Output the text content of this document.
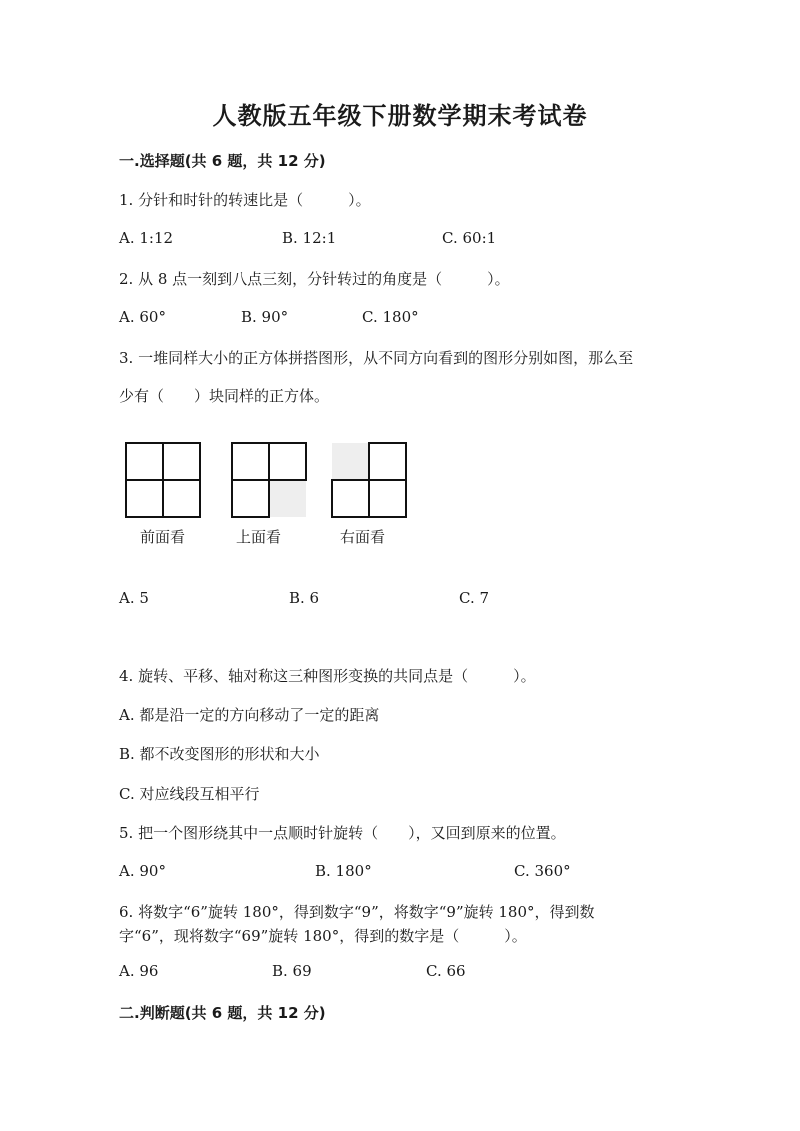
人教版五年级下册数学期末考试卷
一.选择题(共 6 题，共 12 分)
1. 分针和时针的转速比是（　　　）。
A. 1:12	B. 12:1	C. 60:1
2. 从 8 点一刻到八点三刻，分针转过的角度是（　　　）。
A. 60°	B. 90°	C. 180°
3. 一堆同样大小的正方体拼搭图形，从不同方向看到的图形分别如图，那么至
少有（　　）块同样的正方体。
前面看	上面看	右面看
A. 5	B. 6	C. 7
4. 旋转、平移、轴对称这三种图形变换的共同点是（　　　）。
A. 都是沿一定的方向移动了一定的距离
B. 都不改变图形的形状和大小
C. 对应线段互相平行
5. 把一个图形绕其中一点顺时针旋转（　　），又回到原来的位置。
A. 90°	B. 180°	C. 360°
6. 将数字“6”旋转 180°，得到数字“9”，将数字“9”旋转 180°，得到数
字“6”，现将数字“69”旋转 180°，得到的数字是（　　　）。
A. 96	B. 69	C. 66
二.判断题(共 6 题，共 12 分)
